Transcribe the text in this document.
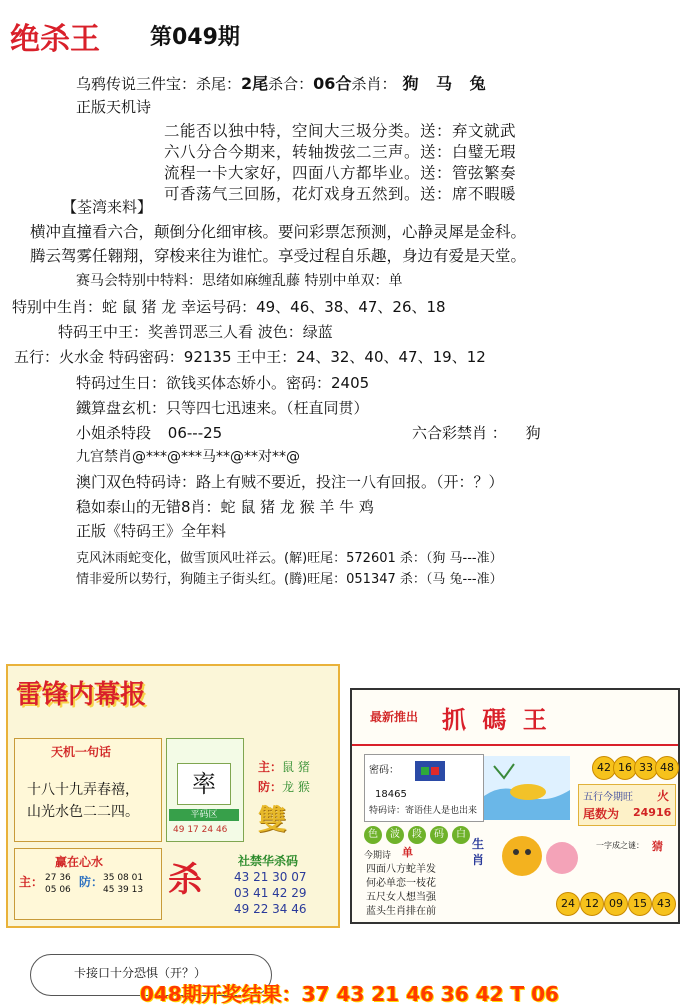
绝杀王 第049期
乌鸦传说三件宝：杀尾：2尾杀合：06合杀肖： 狗 马 兔
正版天机诗
二能否以独中特，空间大三圾分类。送：弃文就武
六八分合今期来，转轴拨弦二三声。送：白璧无瑕
流程一卡大家好，四面八方都毕业。送：管弦繁奏
可香荡气三回肠，花灯戏身五然到。送：席不暇暖
【荃湾来料】
横冲直撞看六合，颠倒分化细审核。要问彩票怎预测，心静灵犀是金科。
腾云驾雾任翱翔，穿梭来往为谁忙。享受过程自乐趣，身边有爱是天堂。
赛马会特别中特料：思绪如麻缠乱藤 特别中单双：单
特别中生肖：蛇 鼠 猪 龙 幸运号码：49、46、38、47、26、18
特码王中王：奖善罚恶三人看 波色：绿蓝
五行：火水金 特码密码：92135 王中王：24、32、40、47、19、12
特码过生日：欲钱买体态娇小。密码：2405
鐵算盘玄机：只等四七迅速来。（枉直同贯）
小姐杀特段 06---25	六合彩禁肖 ： 狗
九宫禁肖@***@***马**@**对**@
澳门双色特码诗：路上有贼不要近，投注一八有回报。（开：？）
稳如泰山的无错8肖：蛇 鼠 猪 龙 猴 羊 牛 鸡
正版《特码王》全年料
克风沐雨蛇变化，做雪顶风吐祥云。(解)旺尾：572601 杀：（狗 马---准）
情非爱所以势行，狗随主子街头红。(腾)旺尾：051347 杀：（马 兔---准）
雷锋内幕报
天机一句话
十八十九弄春禧，
山光水色二二四。
率
平码区
49 17 24 46
主：鼠 猪
防：龙 猴
雙
赢在心水
主： 27 36
05 06
防： 35 08 01
45 39 13 杀	社禁华杀码
43 21 30 07
03 41 42 29
49 22 34 46
最新推出 抓 碼 王
密码：
18465
特码诗：寄语佳人是也出来
42 16 33 48
五行今期旺 火
尾数为 24916
色	波	段	码	白
今期诗 单
四面八方蛇羊发
何必单恋一枝花
五尺女人想当强
蓝头生肖排在前
生肖
一字成之谜： 猜
24 12 09 15 43
卡接口十分恐惧（开？）
048期开奖结果：37 43 21 46 36 42 T 06
